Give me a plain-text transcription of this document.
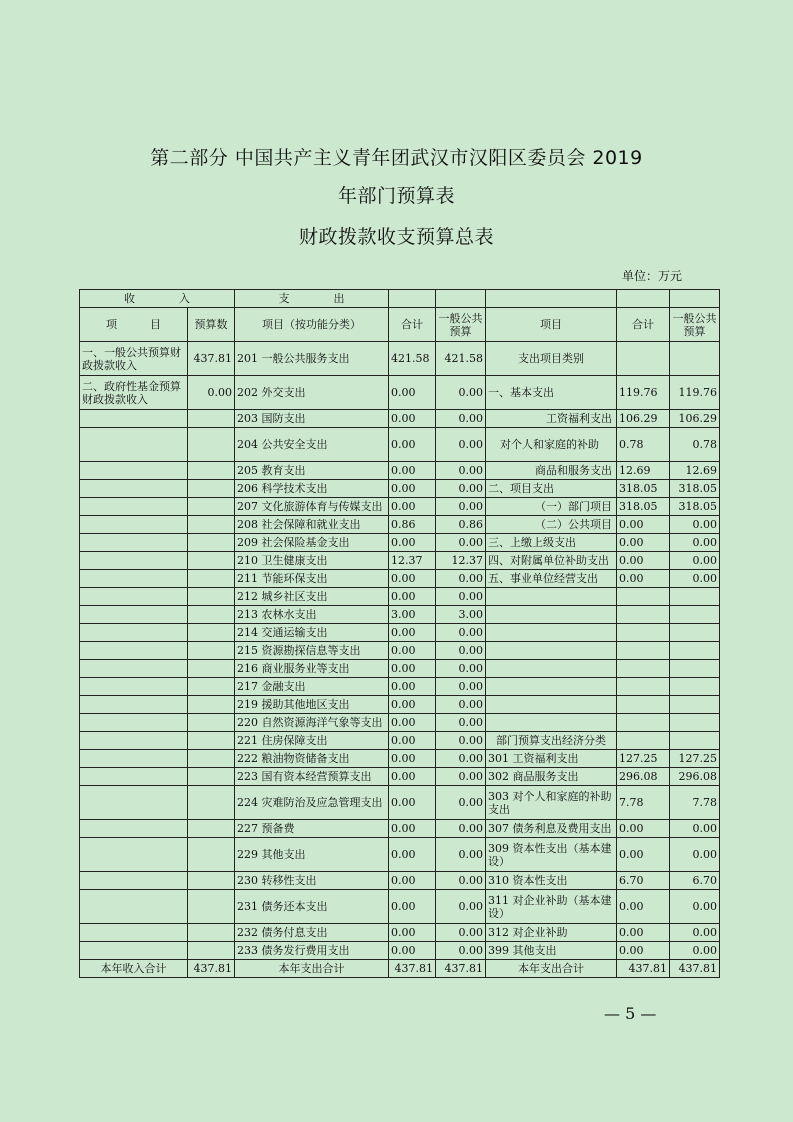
第二部分 中国共产主义青年团武汉市汉阳区委员会 2019
年部门预算表
财政拨款收支预算总表
单位：万元
收　　　　入		支　　　　出					
项　　　目	预算数	项目（按功能分类）	合计	一般公共预算	项目	合计	一般公共预算
一、一般公共预算财政拨款收入	437.81	201 一般公共服务支出	421.58	421.58	支出项目类别		
二、政府性基金预算财政拨款收入	0.00	202 外交支出	0.00	0.00	一、基本支出	119.76	119.76
		203 国防支出	0.00	0.00	工资福利支出	106.29	106.29
		204 公共安全支出	0.00	0.00	对个人和家庭的补助	0.78	0.78
		205 教育支出	0.00	0.00	商品和服务支出	12.69	12.69
		206 科学技术支出	0.00	0.00	二、项目支出	318.05	318.05
		207 文化旅游体育与传媒支出	0.00	0.00	（一）部门项目	318.05	318.05
		208 社会保障和就业支出	0.86	0.86	（二）公共项目	0.00	0.00
		209 社会保险基金支出	0.00	0.00	三、上缴上级支出	0.00	0.00
		210 卫生健康支出	12.37	12.37	四、对附属单位补助支出	0.00	0.00
		211 节能环保支出	0.00	0.00	五、事业单位经营支出	0.00	0.00
		212 城乡社区支出	0.00	0.00			
		213 农林水支出	3.00	3.00			
		214 交通运输支出	0.00	0.00			
		215 资源勘探信息等支出	0.00	0.00			
		216 商业服务业等支出	0.00	0.00			
		217 金融支出	0.00	0.00			
		219 援助其他地区支出	0.00	0.00			
		220 自然资源海洋气象等支出	0.00	0.00			
		221 住房保障支出	0.00	0.00	部门预算支出经济分类		
		222 粮油物资储备支出	0.00	0.00	301 工资福利支出	127.25	127.25
		223 国有资本经营预算支出	0.00	0.00	302 商品服务支出	296.08	296.08
		224 灾难防治及应急管理支出	0.00	0.00	303 对个人和家庭的补助支出	7.78	7.78
		227 预备费	0.00	0.00	307 债务利息及费用支出	0.00	0.00
		229 其他支出	0.00	0.00	309 资本性支出（基本建设）	0.00	0.00
		230 转移性支出	0.00	0.00	310 资本性支出	6.70	6.70
		231 债务还本支出	0.00	0.00	311 对企业补助（基本建设）	0.00	0.00
		232 债务付息支出	0.00	0.00	312 对企业补助	0.00	0.00
		233 债务发行费用支出	0.00	0.00	399 其他支出	0.00	0.00
本年收入合计	437.81	本年支出合计	437.81	437.81	本年支出合计	437.81	437.81
— 5 —
